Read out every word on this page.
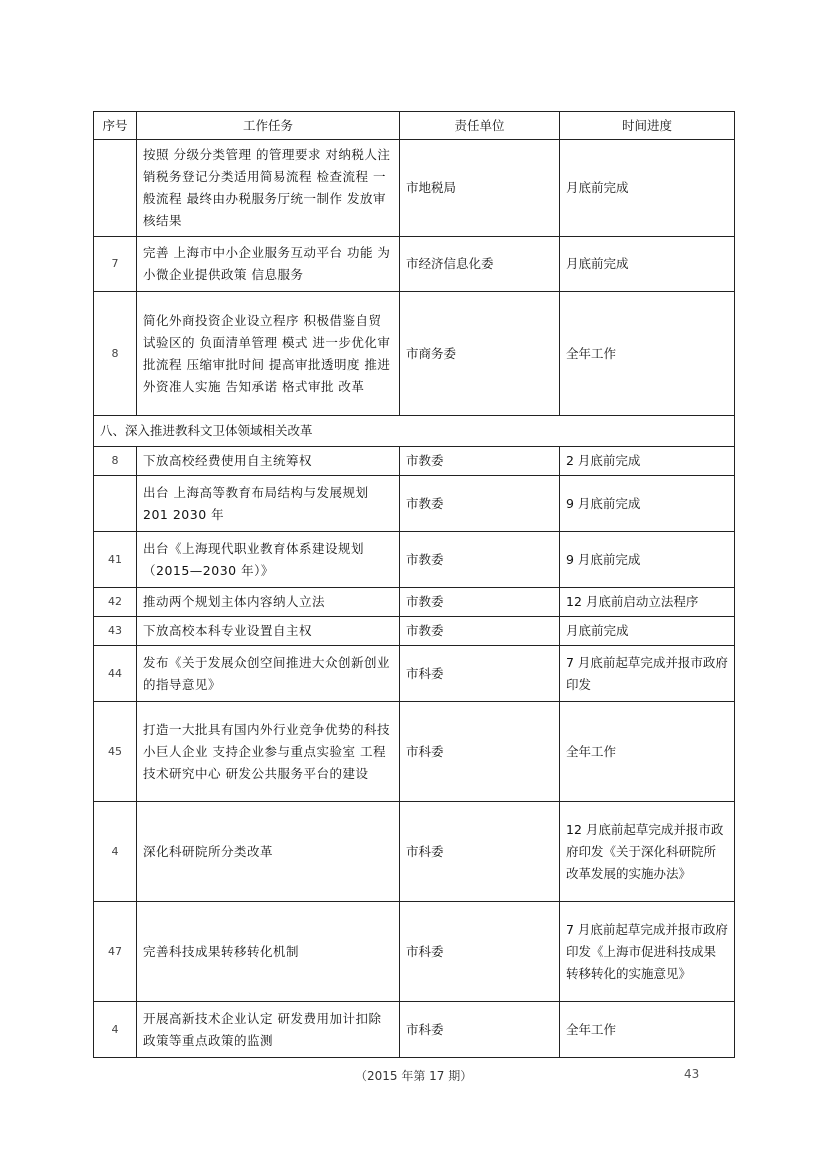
序号	工作任务	责任单位	时间进度
	按照 分级分类管理 的管理要求 对纳税人注销税务登记分类适用简易流程 检查流程 一般流程 最终由办税服务厅统一制作 发放审核结果	市地税局	月底前完成
7	完善 上海市中小企业服务互动平台 功能 为小微企业提供政策 信息服务	市经济信息化委	月底前完成
8	简化外商投资企业设立程序 积极借鉴自贸试验区的 负面清单管理 模式 进一步优化审批流程 压缩审批时间 提高审批透明度 推进外资准人实施 告知承诺 格式审批 改革	市商务委	全年工作
八、深入推进教科文卫体领域相关改革			
8	下放高校经费使用自主统筹权	市教委	2 月底前完成
	出台 上海高等教育布局结构与发展规划 201 2030 年	市教委	9 月底前完成
41	出台《上海现代职业教育体系建设规划（2015—2030 年）》	市教委	9 月底前完成
42	推动两个规划主体内容纳人立法	市教委	12 月底前启动立法程序
43	下放高校本科专业设置自主权	市教委	月底前完成
44	发布《关于发展众创空间推进大众创新创业的指导意见》	市科委	7 月底前起草完成并报市政府印发
45	打造一大批具有国内外行业竞争优势的科技小巨人企业 支持企业参与重点实验室 工程技术研究中心 研发公共服务平台的建设	市科委	全年工作
4	深化科研院所分类改革	市科委	12 月底前起草完成并报市政府印发《关于深化科研院所改革发展的实施办法》
47	完善科技成果转移转化机制	市科委	7 月底前起草完成并报市政府印发《上海市促进科技成果转移转化的实施意见》
4	开展高新技术企业认定 研发费用加计扣除政策等重点政策的监测	市科委	全年工作
（2015 年第 17 期）	43
